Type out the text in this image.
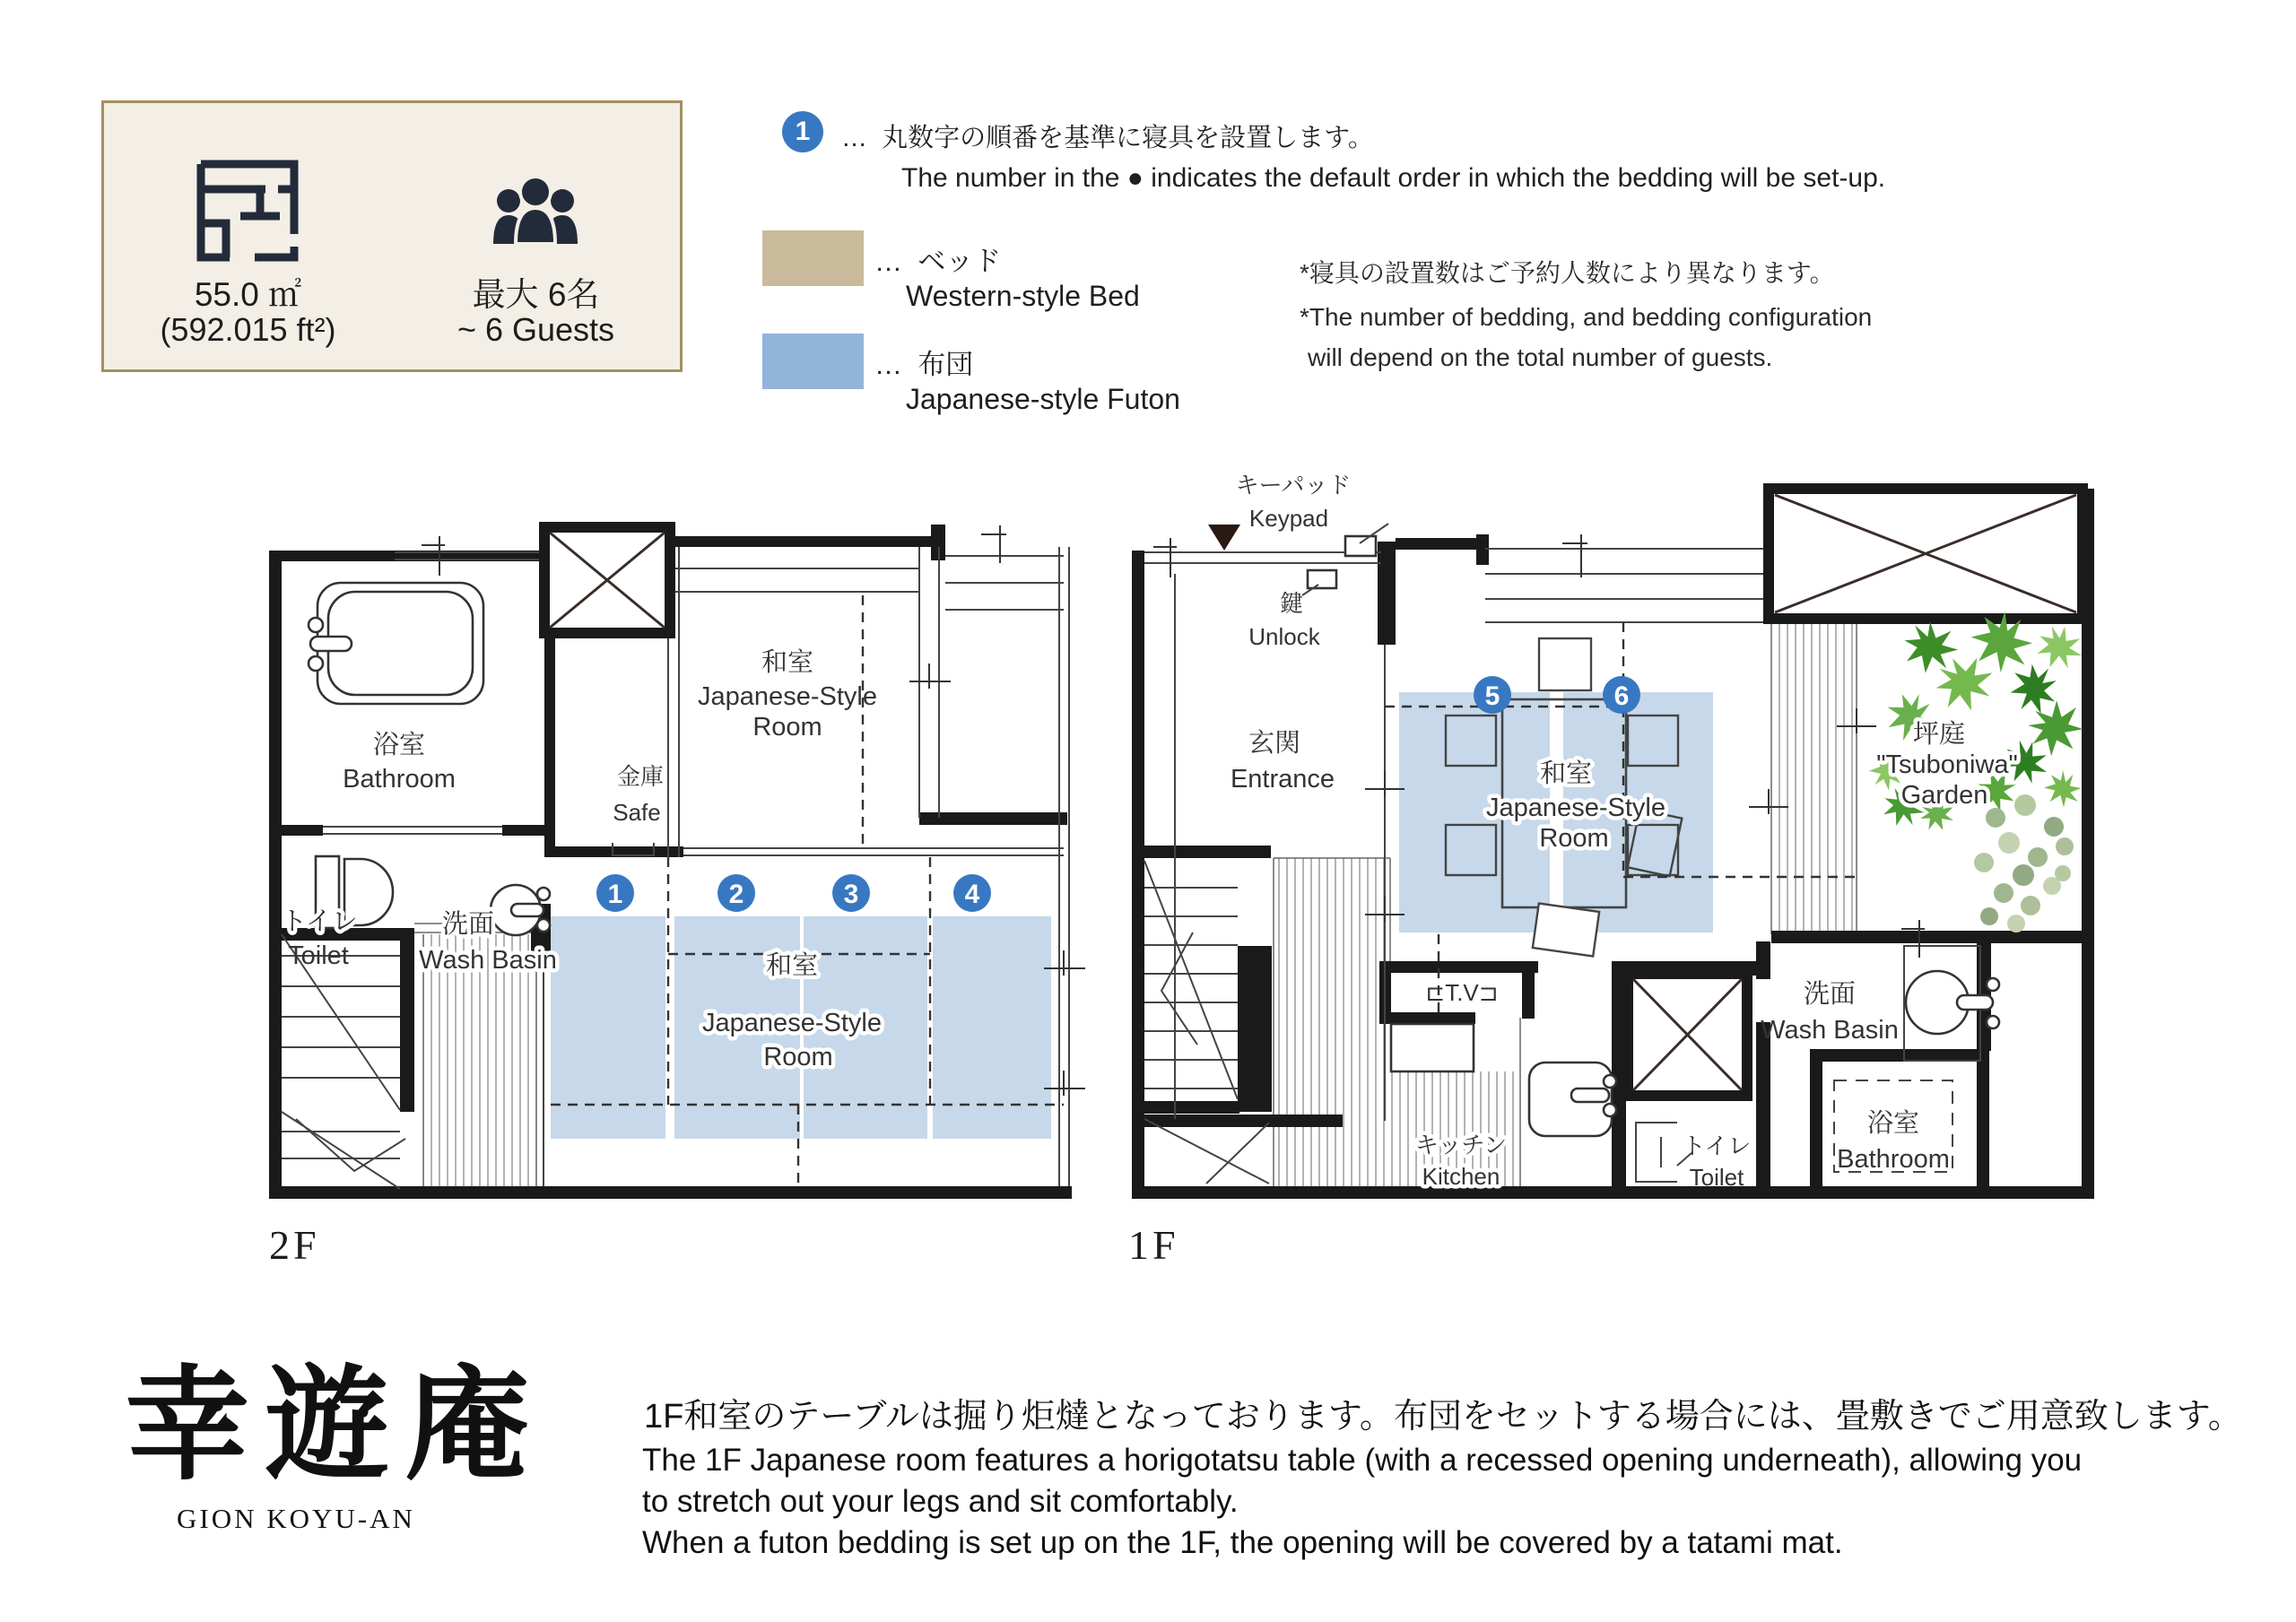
55.0 ㎡
(592.015 ft²)
最大 6名
~ 6 Guests
1	… 丸数字の順番を基準に寝具を設置します。
The number in the ● indicates the default order in which the bedding will be set-up.
… ベッド
Western-style Bed
… 布団
Japanese-style Futon
*寝具の設置数はご予約人数により異なります。
*The number of bedding, and bedding configuration
will depend on the total number of guests.
1	2	3	4
浴室
Bathroom
トイレ
Toilet
洗面
Wash Basin
金庫
Safe
和室
Japanese-Style
Room
和室
Japanese-Style
Room
2F
5	6
キーパッド
Keypad
鍵
Unlock
玄関
Entrance	和室
Japanese-Style
Room
⊏T.V⊐
キッチン
Kitchen
トイレ
Toilet
洗面
Wash Basin
浴室
Bathroom
坪庭
"Tsuboniwa"
Garden
1F
幸遊庵
GION KOYU-AN
1F和室のテーブルは掘り炬燵となっております。布団をセットする場合には、畳敷きでご用意致します。
The 1F Japanese room features a horigotatsu table (with a recessed opening underneath), allowing you
to stretch out your legs and sit comfortably.
When a futon bedding is set up on the 1F, the opening will be covered by a tatami mat.
